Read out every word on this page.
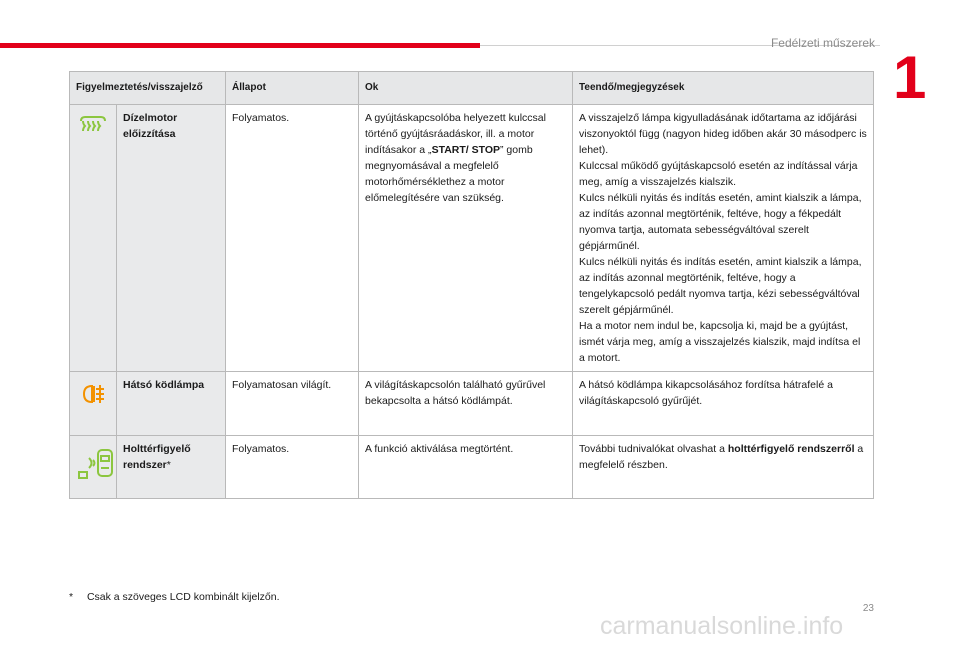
Fedélzeti műszerek
1
Figyelmeztetés/visszajelző		Állapot	Ok	Teendő/megjegyzések
	Dízelmotor előizzítása	Folyamatos.	A gyújtáskapcsolóba helyezett kulccsal történő gyújtásráadáskor, ill. a motor indításakor a „START/ STOP” gomb megnyomásával a megfelelő motorhőmérséklethez a motor előmelegítésére van szükség.	A visszajelző lámpa kigyulladásának időtartama az időjárási viszonyoktól függ (nagyon hideg időben akár 30 másodperc is lehet).
Kulccsal működő gyújtáskapcsoló esetén az indítással várja meg, amíg a visszajelzés kialszik.
Kulcs nélküli nyitás és indítás esetén, amint kialszik a lámpa, az indítás azonnal megtörténik, feltéve, hogy a fékpedált nyomva tartja, automata sebességváltóval szerelt gépjárműnél.
Kulcs nélküli nyitás és indítás esetén, amint kialszik a lámpa, az indítás azonnal megtörténik, feltéve, hogy a tengelykapcsoló pedált nyomva tartja, kézi sebességváltóval szerelt gépjárműnél.
Ha a motor nem indul be, kapcsolja ki, majd be a gyújtást, ismét várja meg, amíg a visszajelzés kialszik, majd indítsa el a motort.
	Hátsó ködlámpa	Folyamatosan világít.	A világításkapcsolón található gyűrűvel bekapcsolta a hátsó ködlámpát.	A hátsó ködlámpa kikapcsolásához fordítsa hátrafelé a világításkapcsoló gyűrűjét.
	Holttérfigyelő rendszer*	Folyamatos.	A funkció aktiválása megtörtént.	További tudnivalókat olvashat a holttérfigyelő rendszerről a megfelelő részben.
* Csak a szöveges LCD kombinált kijelzőn.
23
carmanualsonline.info
